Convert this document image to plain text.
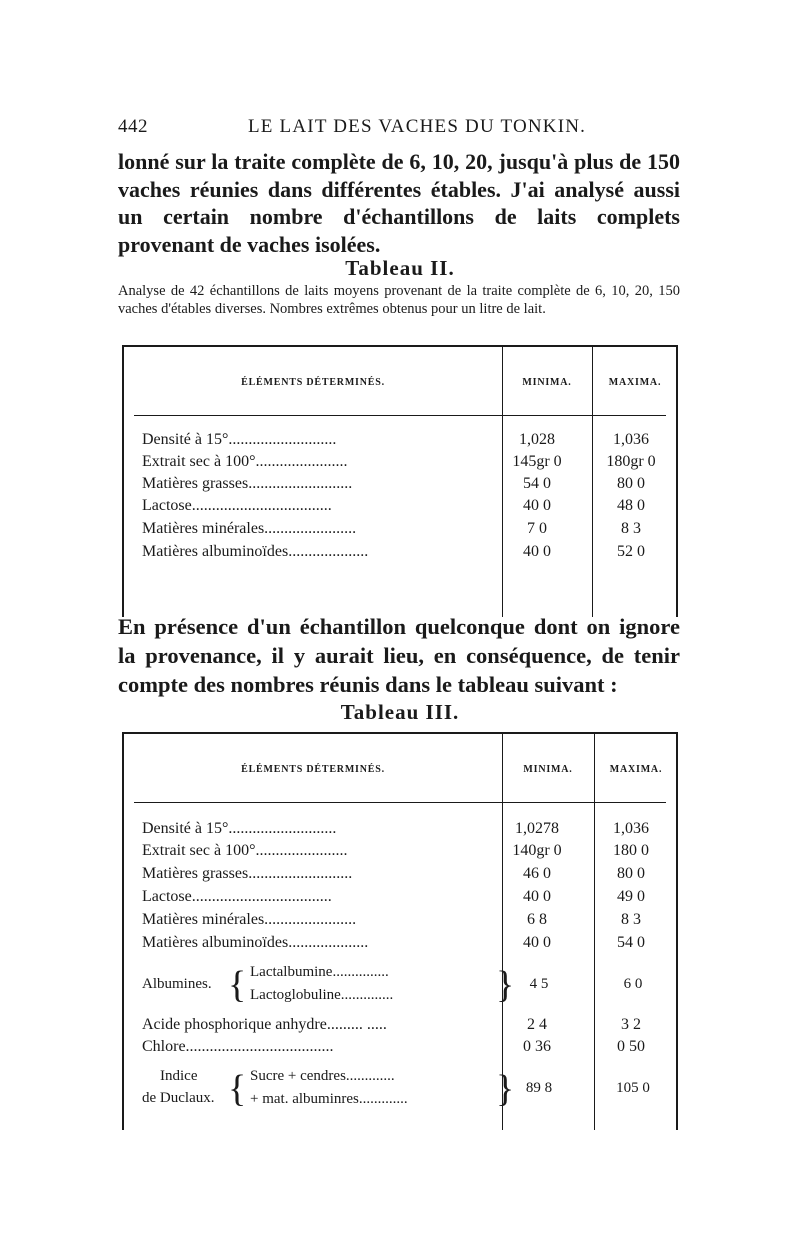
442	LE LAIT DES VACHES DU TONKIN.
lonné sur la traite complète de 6, 10, 20, jusqu'à plus de 150 vaches réunies dans différentes étables. J'ai analysé aussi un certain nombre d'échantillons de laits complets provenant de vaches isolées.
Tableau II.
Analyse de 42 échantillons de laits moyens provenant de la traite complète de 6, 10, 20, 150 vaches d'étables diverses. Nombres extrêmes obtenus pour un litre de lait.
ÉLÉMENTS DÉTERMINÉS.	MINIMA.	MAXIMA.
Densité à 15°...........................	1,028	1,036
Extrait sec à 100°.......................	145gr 0	180gr 0
Matières grasses..........................	54 0	80 0
Lactose...................................	40 0	48 0
Matières minérales.......................	7 0	8 3
Matières albuminoïdes....................	40 0	52 0
En présence d'un échantillon quelconque dont on ignore la provenance, il y aurait lieu, en conséquence, de tenir compte des nombres réunis dans le tableau suivant :
Tableau III.
ÉLÉMENTS DÉTERMINÉS.	MINIMA.	MAXIMA.
Densité à 15°...........................	1,0278	1,036
Extrait sec à 100°.......................	140gr 0	180 0
Matières grasses..........................	46 0	80 0
Lactose...................................	40 0	49 0
Matières minérales.......................	6 8	8 3
Matières albuminoïdes....................	40 0	54 0
Albumines. { Lactalbumine...............
Lactoglobuline..............	}	4 5	6 0
Acide phosphorique anhydre......... .....	2 4	3 2
Chlore.....................................	0 36	0 50
Indice
de Duclaux. { Sucre + cendres.............
+ mat. albuminres.............	} 89 8	105 0
